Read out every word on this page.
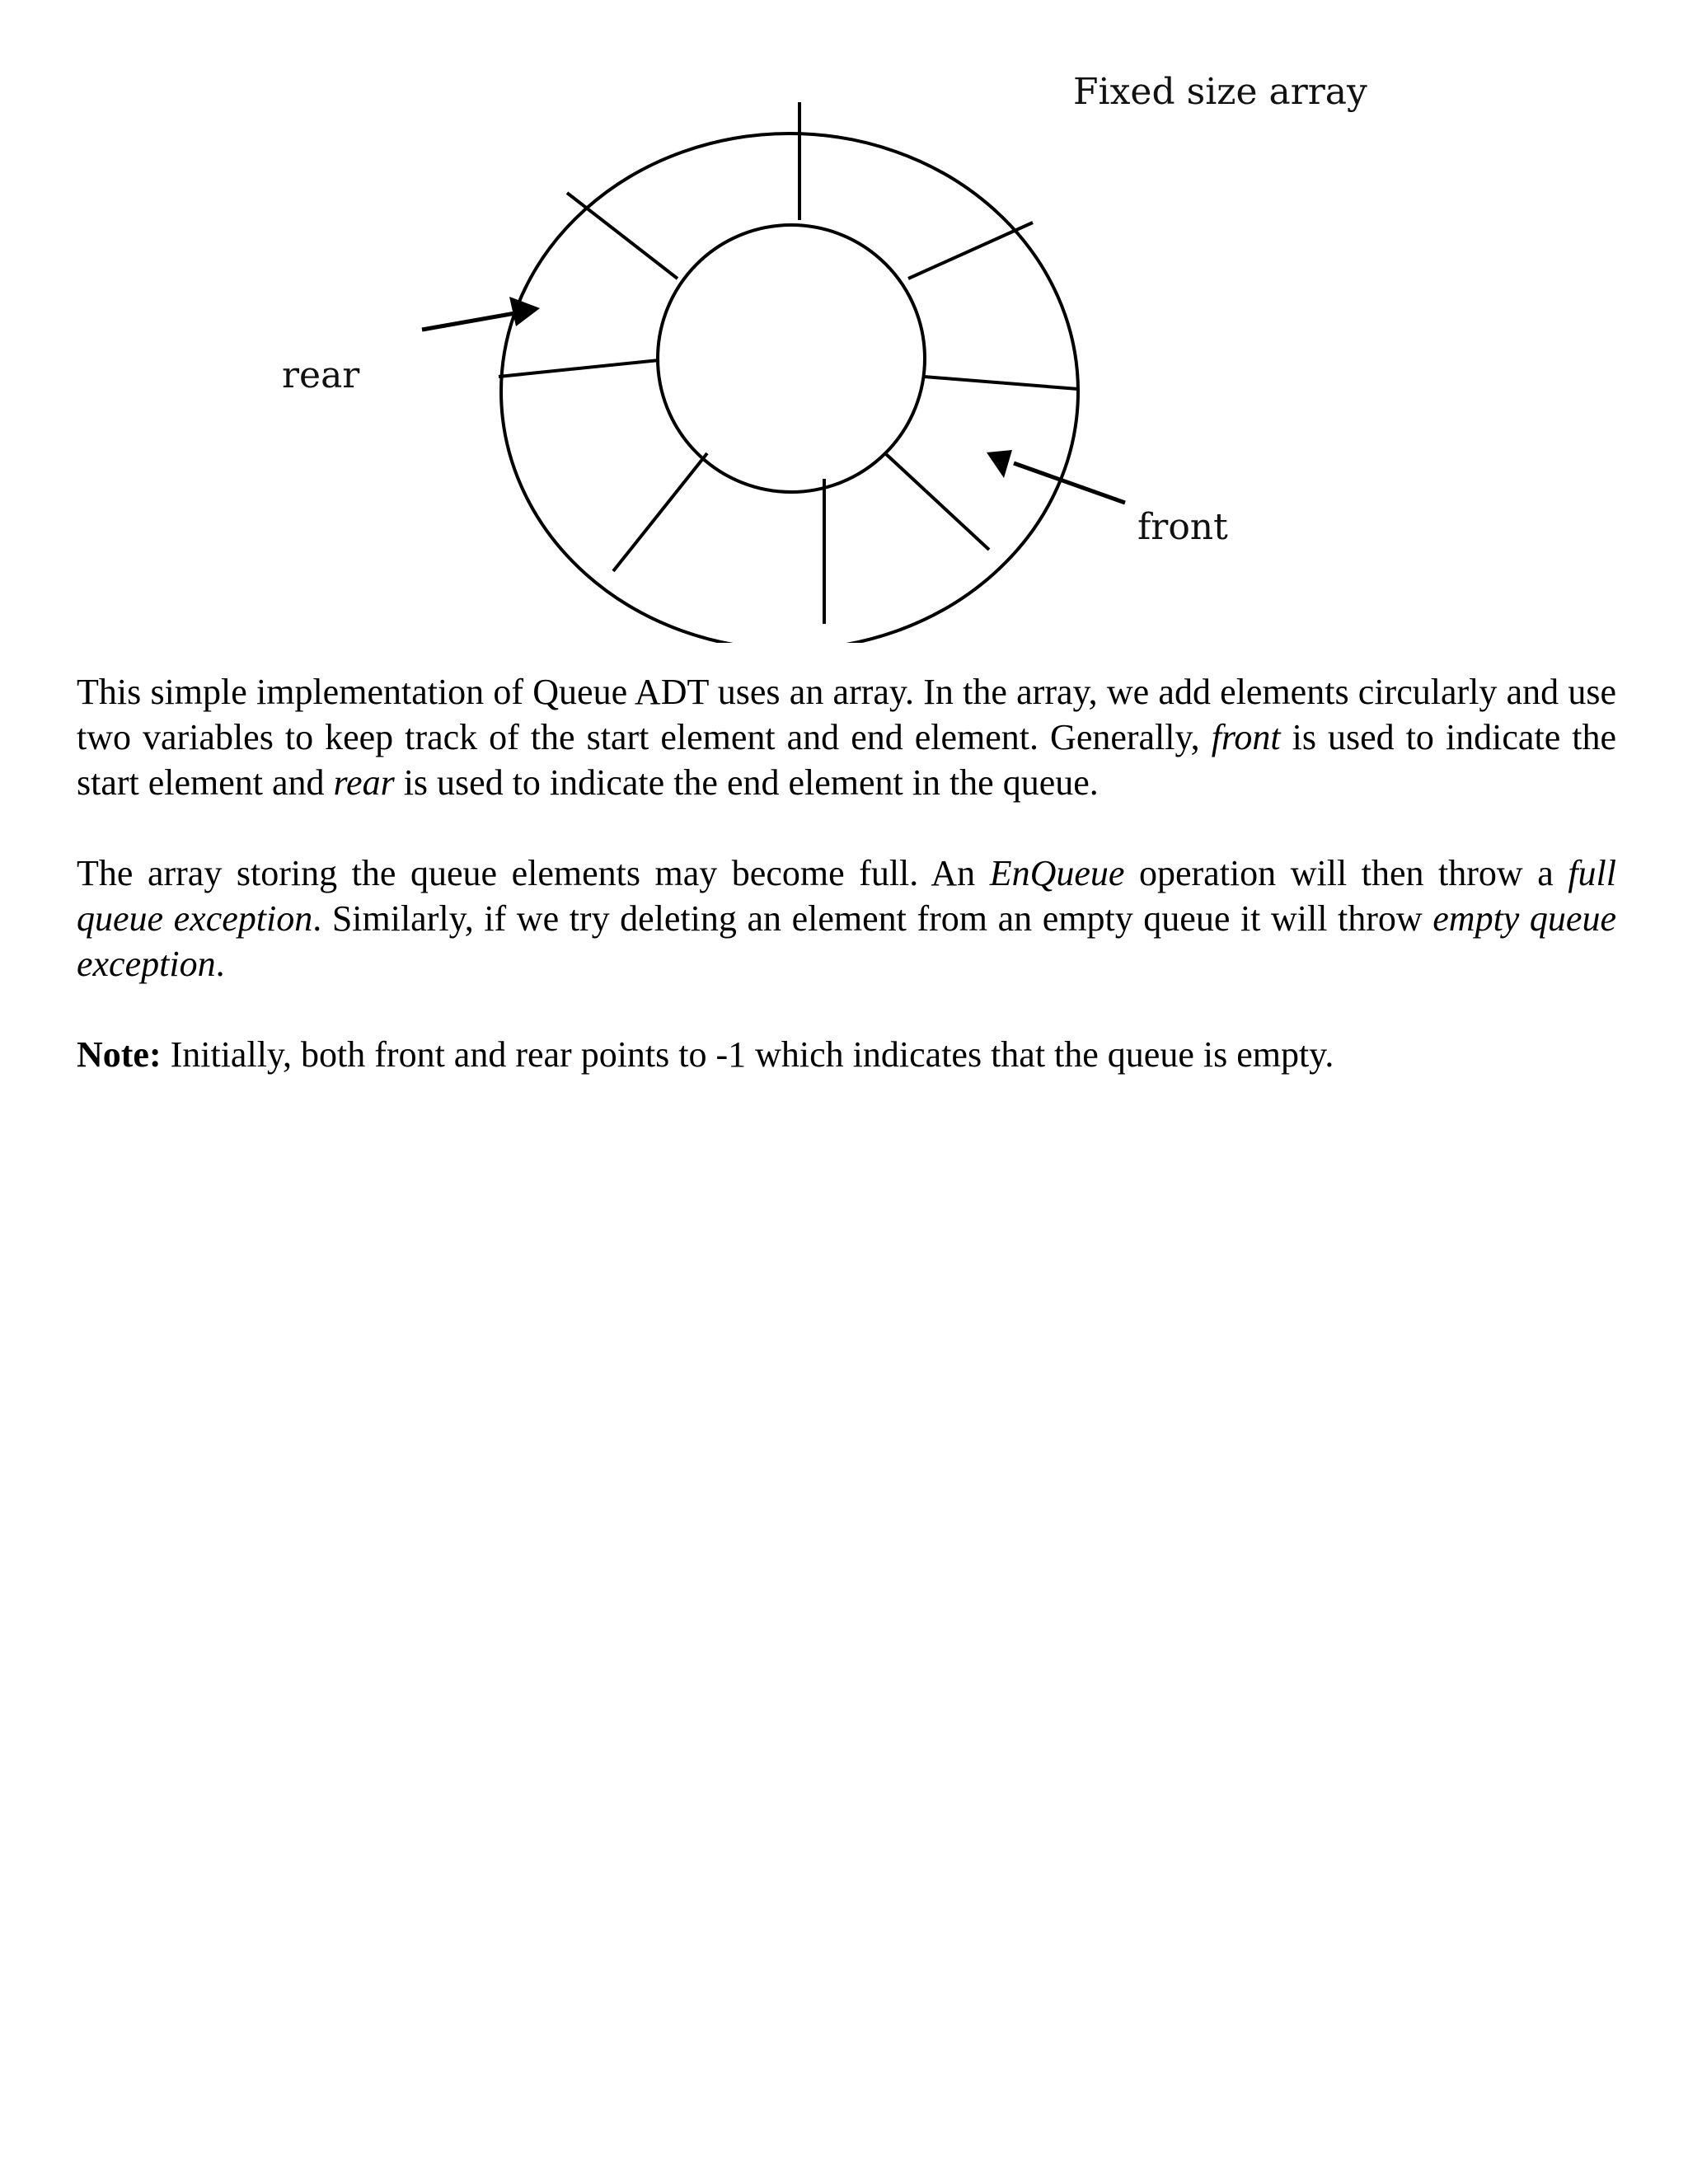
Fixed size array
rear
front

This simple implementation of Queue ADT uses an array. In the array, we add elements circularly and use two variables to keep track of the start element and end element. Generally, front is used to indicate the start element and rear is used to indicate the end element in the queue.

The array storing the queue elements may become full. An EnQueue operation will then throw a full queue exception. Similarly, if we try deleting an element from an empty queue it will throw empty queue exception.

Note: Initially, both front and rear points to -1 which indicates that the queue is empty.
